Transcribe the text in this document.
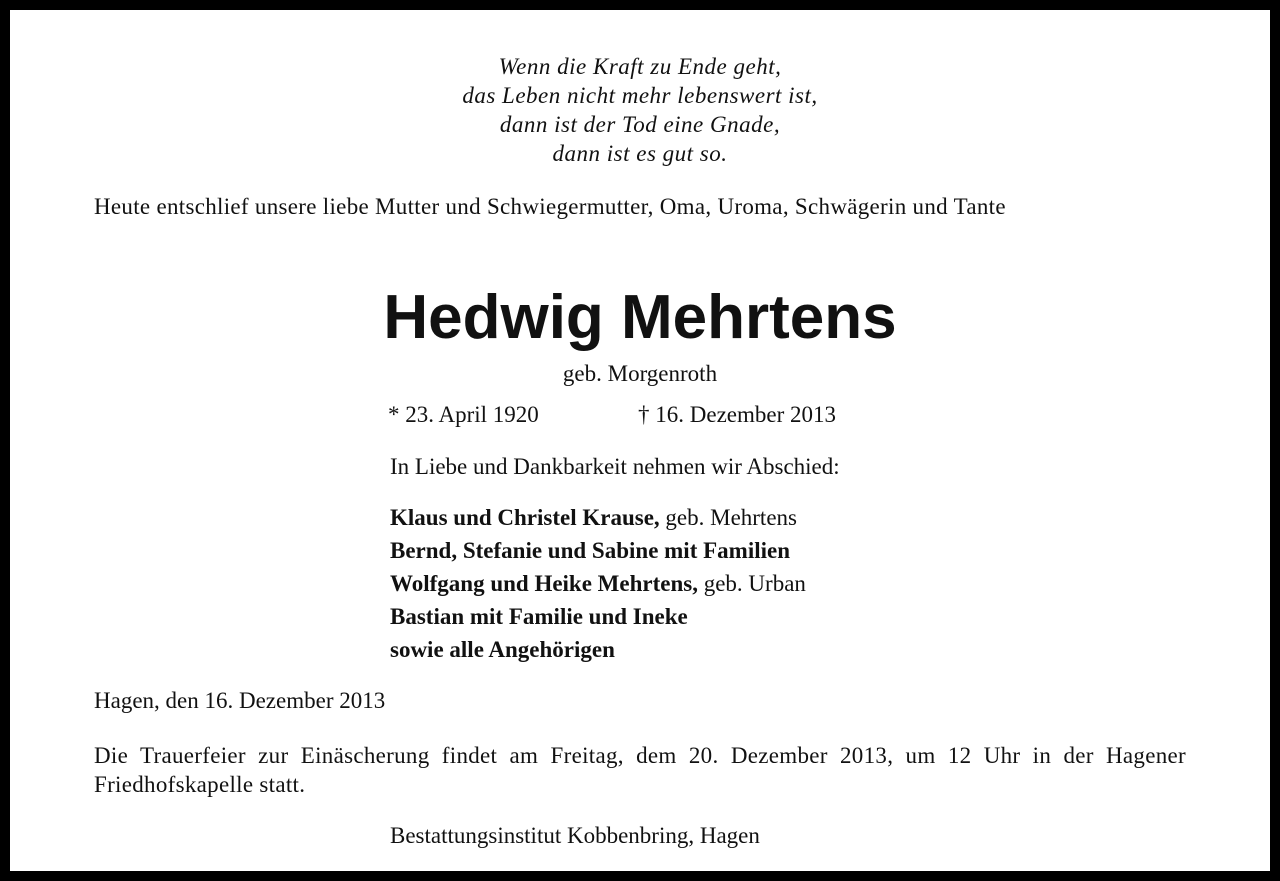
Wenn die Kraft zu Ende geht,
das Leben nicht mehr lebenswert ist,
dann ist der Tod eine Gnade,
dann ist es gut so.
Heute entschlief unsere liebe Mutter und Schwiegermutter, Oma, Uroma, Schwägerin und Tante
Hedwig Mehrtens
geb. Morgenroth
* 23. April 1920	† 16. Dezember 2013
In Liebe und Dankbarkeit nehmen wir Abschied:
Klaus und Christel Krause, geb. Mehrtens
Bernd, Stefanie und Sabine mit Familien
Wolfgang und Heike Mehrtens, geb. Urban
Bastian mit Familie und Ineke
sowie alle Angehörigen
Hagen, den 16. Dezember 2013
Die Trauerfeier zur Einäscherung findet am Freitag, dem 20. Dezember 2013, um 12 Uhr in der Hagener Friedhofskapelle statt.
Bestattungsinstitut Kobbenbring, Hagen
